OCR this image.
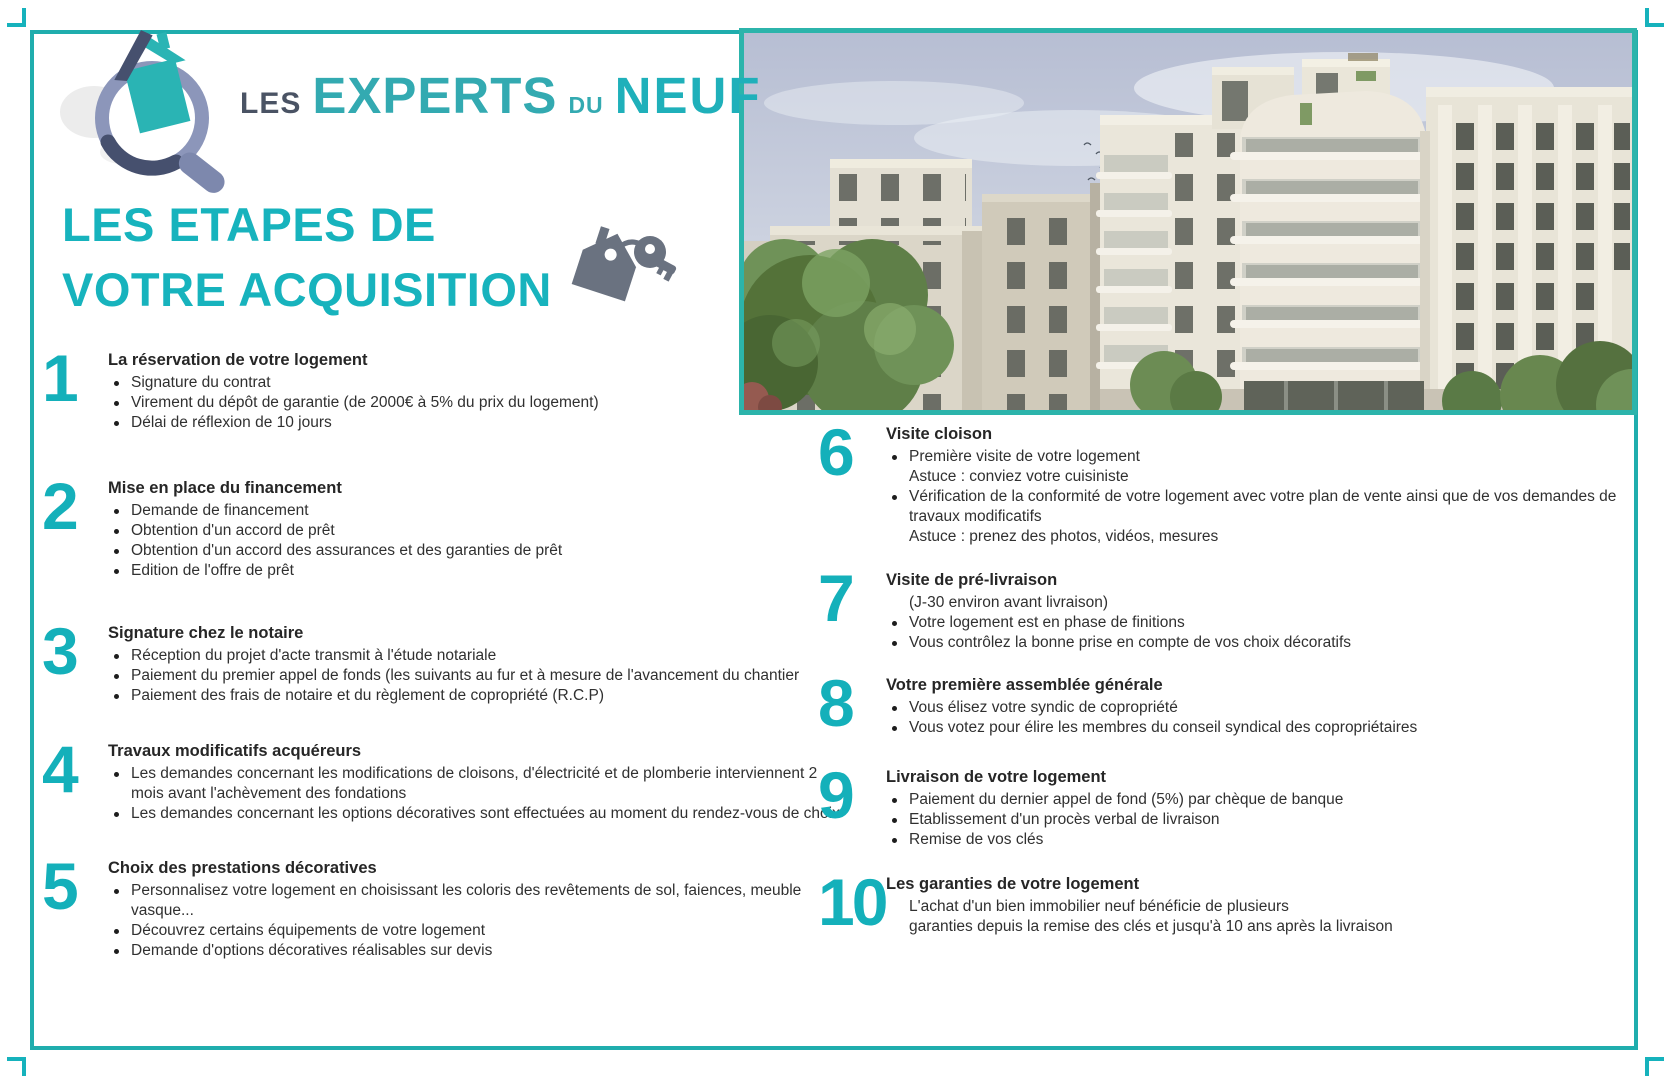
LES EXPERTS DU NEUF
LES ETAPES DE
VOTRE ACQUISITION
1	La réservation de votre logement
Signature du contrat
Virement du dépôt de garantie (de 2000€ à 5% du prix du logement)
Délai de réflexion de 10 jours
2	Mise en place du financement
Demande de financement
Obtention d'un accord de prêt
Obtention d'un accord des assurances et des garanties de prêt
Edition de l'offre de prêt
3	Signature chez le notaire
Réception du projet d'acte transmit à l'étude notariale
Paiement du premier appel de fonds (les suivants au fur et à mesure de l'avancement du chantier
Paiement des frais de notaire et du règlement de copropriété (R.C.P)
4	Travaux modificatifs acquéreurs
Les demandes concernant les modifications de cloisons, d'électricité et de plomberie interviennent 2 mois avant l'achèvement des fondations
Les demandes concernant les options décoratives sont effectuées au moment du rendez-vous de choix
5	Choix des prestations décoratives
Personnalisez votre logement en choisissant les coloris des revêtements de sol, faiences, meuble vasque...
Découvrez certains équipements de votre logement
Demande d'options décoratives réalisables sur devis
6	Visite cloison
Première visite de votre logement
Astuce : conviez votre cuisiniste
Vérification de la conformité de votre logement avec votre plan de vente ainsi que de vos demandes de travaux modificatifs
Astuce : prenez des photos, vidéos, mesures
7	Visite de pré-livraison
(J-30 environ avant livraison)
Votre logement est en phase de finitions
Vous contrôlez la bonne prise en compte de vos choix décoratifs
8	Votre première assemblée générale
Vous élisez votre syndic de copropriété
Vous votez pour élire les membres du conseil syndical des copropriétaires
9	Livraison de votre logement
Paiement du dernier appel de fond (5%) par chèque de banque
Etablissement d'un procès verbal de livraison
Remise de vos clés
10 Les garanties de votre logement
L'achat d'un bien immobilier neuf bénéficie de plusieurs
garanties depuis la remise des clés et jusqu'à 10 ans après la livraison
